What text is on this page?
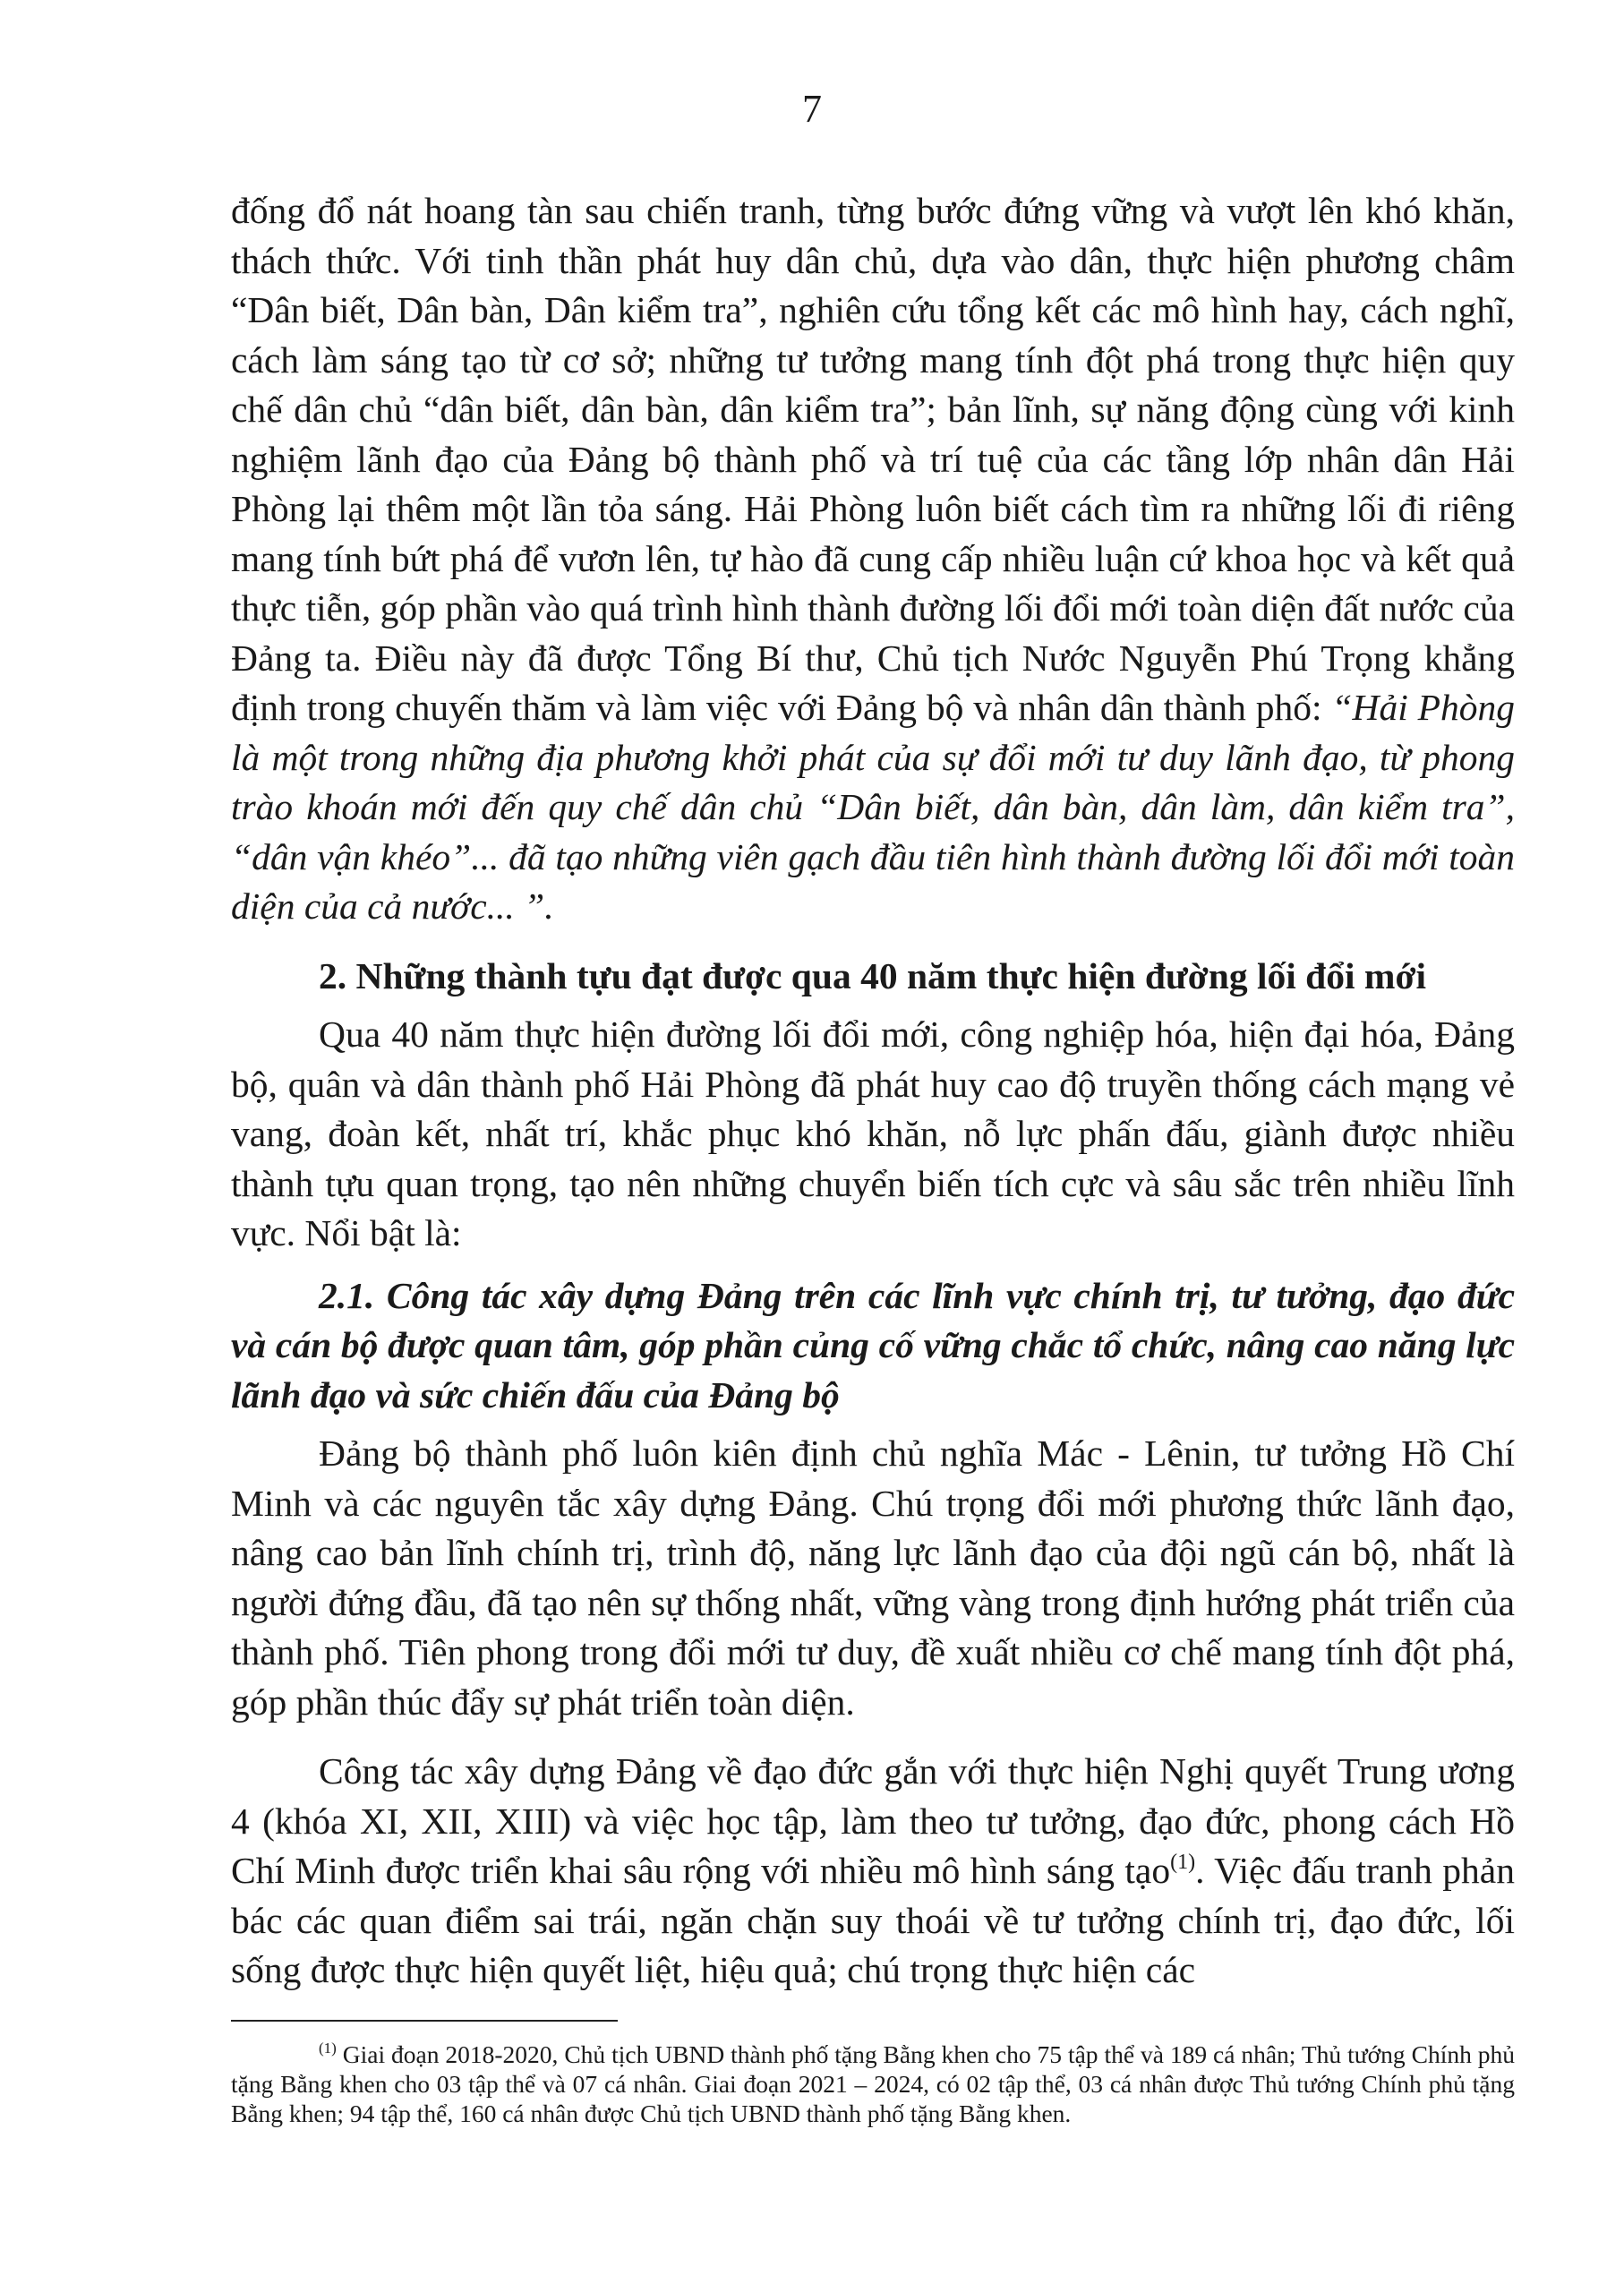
7

đống đổ nát hoang tàn sau chiến tranh, từng bước đứng vững và vượt lên khó khăn, thách thức. Với tinh thần phát huy dân chủ, dựa vào dân, thực hiện phương châm “Dân biết, Dân bàn, Dân kiểm tra”, nghiên cứu tổng kết các mô hình hay, cách nghĩ, cách làm sáng tạo từ cơ sở; những tư tưởng mang tính đột phá trong thực hiện quy chế dân chủ “dân biết, dân bàn, dân kiểm tra”; bản lĩnh, sự năng động cùng với kinh nghiệm lãnh đạo của Đảng bộ thành phố và trí tuệ của các tầng lớp nhân dân Hải Phòng lại thêm một lần tỏa sáng. Hải Phòng luôn biết cách tìm ra những lối đi riêng mang tính bứt phá để vươn lên, tự hào đã cung cấp nhiều luận cứ khoa học và kết quả thực tiễn, góp phần vào quá trình hình thành đường lối đổi mới toàn diện đất nước của Đảng ta. Điều này đã được Tổng Bí thư, Chủ tịch Nước Nguyễn Phú Trọng khẳng định trong chuyến thăm và làm việc với Đảng bộ và nhân dân thành phố: “Hải Phòng là một trong những địa phương khởi phát của sự đổi mới tư duy lãnh đạo, từ phong trào khoán mới đến quy chế dân chủ “Dân biết, dân bàn, dân làm, dân kiểm tra”, “dân vận khéo”... đã tạo những viên gạch đầu tiên hình thành đường lối đổi mới toàn diện của cả nước... ”.

2. Những thành tựu đạt được qua 40 năm thực hiện đường lối đổi mới

Qua 40 năm thực hiện đường lối đổi mới, công nghiệp hóa, hiện đại hóa, Đảng bộ, quân và dân thành phố Hải Phòng đã phát huy cao độ truyền thống cách mạng vẻ vang, đoàn kết, nhất trí, khắc phục khó khăn, nỗ lực phấn đấu, giành được nhiều thành tựu quan trọng, tạo nên những chuyển biến tích cực và sâu sắc trên nhiều lĩnh vực. Nổi bật là:

2.1. Công tác xây dựng Đảng trên các lĩnh vực chính trị, tư tưởng, đạo đức và cán bộ được quan tâm, góp phần củng cố vững chắc tổ chức, nâng cao năng lực lãnh đạo và sức chiến đấu của Đảng bộ

Đảng bộ thành phố luôn kiên định chủ nghĩa Mác - Lênin, tư tưởng Hồ Chí Minh và các nguyên tắc xây dựng Đảng. Chú trọng đổi mới phương thức lãnh đạo, nâng cao bản lĩnh chính trị, trình độ, năng lực lãnh đạo của đội ngũ cán bộ, nhất là người đứng đầu, đã tạo nên sự thống nhất, vững vàng trong định hướng phát triển của thành phố. Tiên phong trong đổi mới tư duy, đề xuất nhiều cơ chế mang tính đột phá, góp phần thúc đẩy sự phát triển toàn diện.

Công tác xây dựng Đảng về đạo đức gắn với thực hiện Nghị quyết Trung ương 4 (khóa XI, XII, XIII) và việc học tập, làm theo tư tưởng, đạo đức, phong cách Hồ Chí Minh được triển khai sâu rộng với nhiều mô hình sáng tạo$^{(1)}$. Việc đấu tranh phản bác các quan điểm sai trái, ngăn chặn suy thoái về tư tưởng chính trị, đạo đức, lối sống được thực hiện quyết liệt, hiệu quả; chú trọng thực hiện các

$^{(1)}$ Giai đoạn 2018-2020, Chủ tịch UBND thành phố tặng Bằng khen cho 75 tập thể và 189 cá nhân; Thủ tướng Chính phủ tặng Bằng khen cho 03 tập thể và 07 cá nhân. Giai đoạn 2021 – 2024, có 02 tập thể, 03 cá nhân được Thủ tướng Chính phủ tặng Bằng khen; 94 tập thể, 160 cá nhân được Chủ tịch UBND thành phố tặng Bằng khen.
